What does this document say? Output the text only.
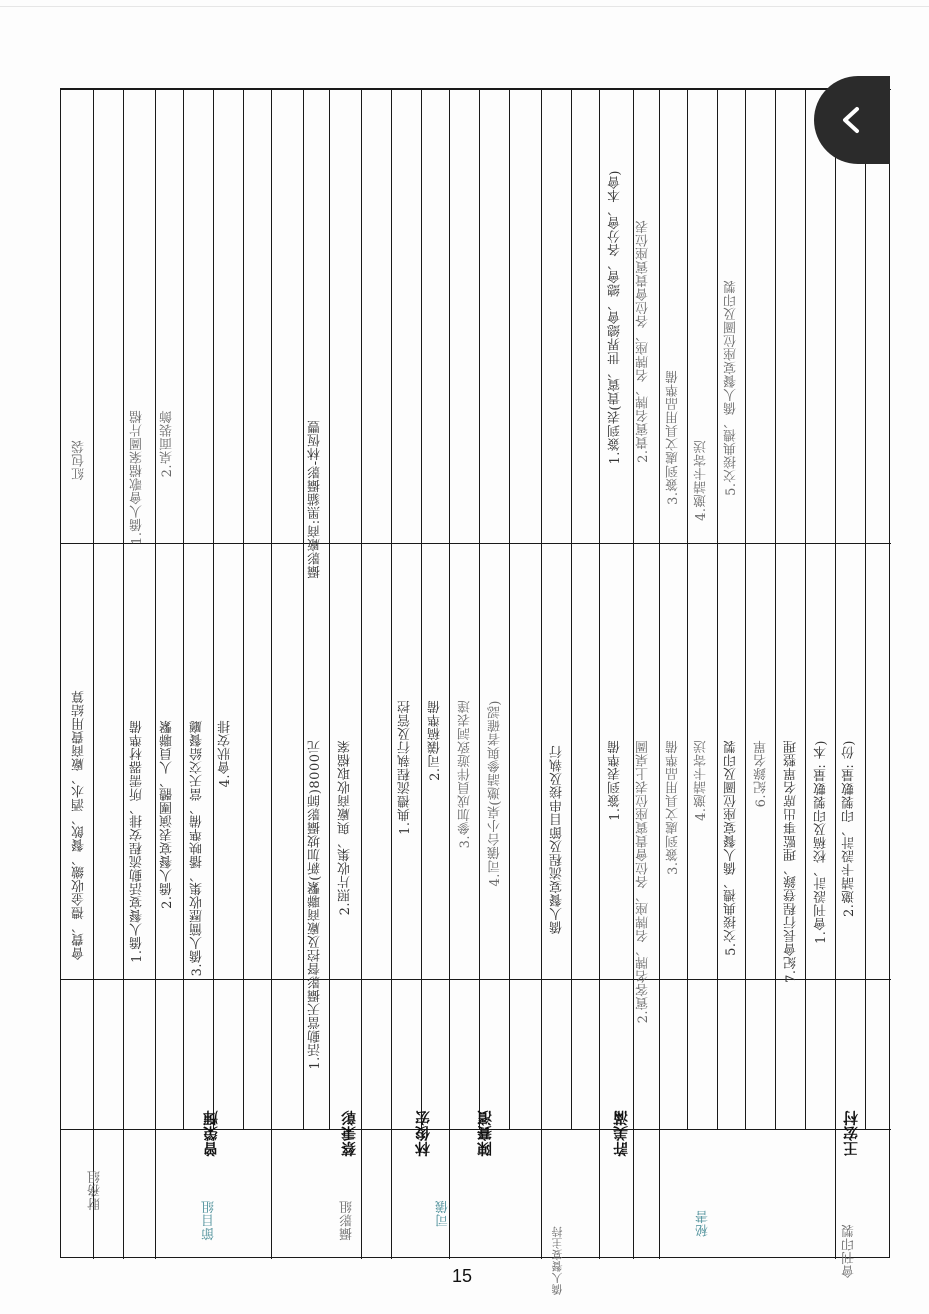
財務組
會費、禮金收繳、餐飲、酒水、廠商費用結算
紅包袋
節目組
曾榮輝
1.僑人餐宴活動流程安排、所需器材準備 2.僑人餐宴表演團體、人員聯繫 3.僑人簡歷收集、播映準備、當天交給餐廳 4.會狀安排
1.僑人會歌檔案圖片檔 2.桌面裝飾
攝影組
蔡秉彰
1.活動當天攝影督控及廠商聯繫(新加坡攝影師)8000元 2.照片收集、與廠商收取檔案
攝影廠商:黑貓攝影-林恆豐
司儀
林俊宏	陳賽濱
1.典禮流程執行及管控 2.司儀稿準備 3.參加成員伴遊致詞表達 4.司儀台小桌(邀請參與者確認)
僑人餐宴主持
僑人餐宴流程及節目串接及執行
秘書
許美滿
1.簽到表準備 2.賓客名牌、名牌座、各位會貴賓座位表上桌圖 3.簽到處文具用品準備 4.邀請卡寄送 5.交接典禮、僑人餐宴座位圖及印製 6.紀錄名單 7.紀會長行程登錄、理監事出席名單整理
1.簽到表(貴賓、世界總會、總會、各分會、本會) 2.貴賓名牌、名牌座、各位會貴賓座位表 3.簽到處文具用品準備 4.邀請卡寄送 5.交接典禮、僑人餐宴座位圖及印製
會刊印製
王宏村
1.會刊設計、校稿及印製數量: 本) 2.邀請卡設計、印製數量: 份)
15
